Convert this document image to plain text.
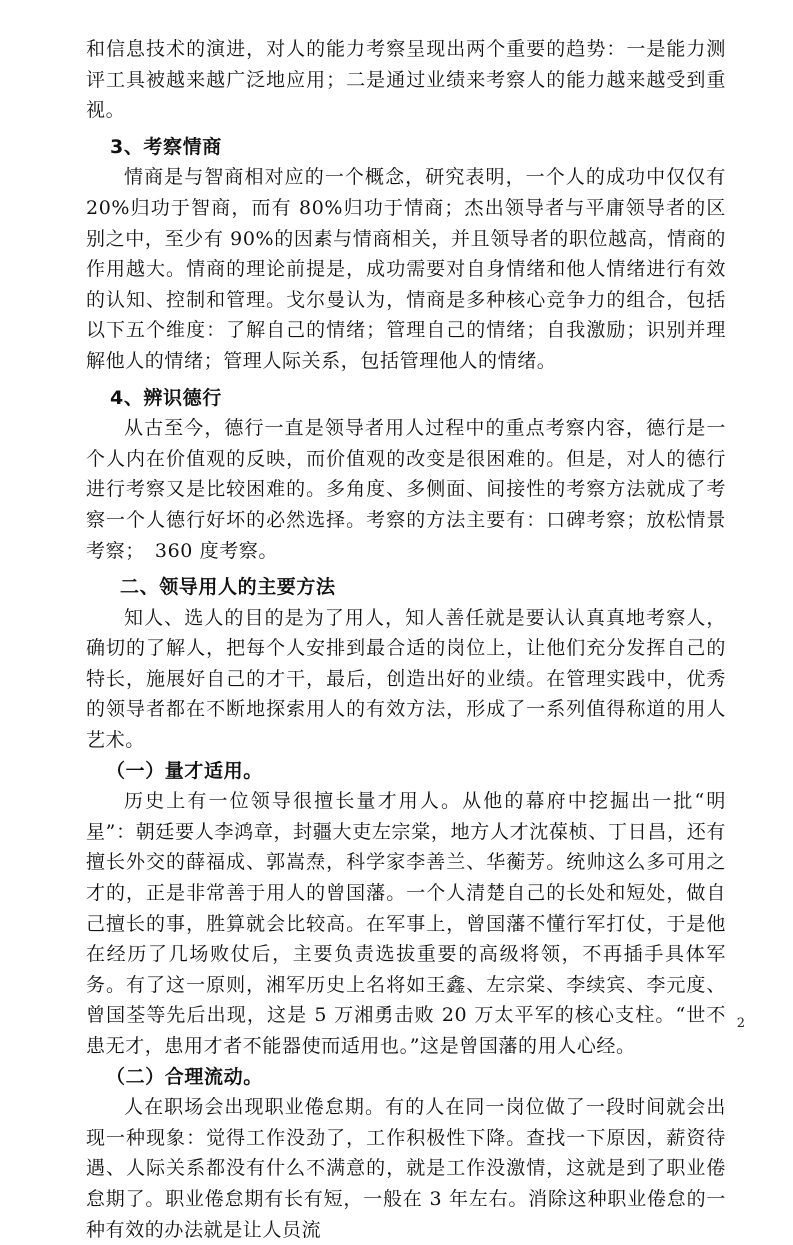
和信息技术的演进，对人的能力考察呈现出两个重要的趋势：一是能力测评工具被越来越广泛地应用；二是通过业绩来考察人的能力越来越受到重视。

3、考察情商

情商是与智商相对应的一个概念，研究表明，一个人的成功中仅仅有 20%归功于智商，而有 80%归功于情商；杰出领导者与平庸领导者的区别之中，至少有 90%的因素与情商相关，并且领导者的职位越高，情商的作用越大。情商的理论前提是，成功需要对自身情绪和他人情绪进行有效的认知、控制和管理。戈尔曼认为，情商是多种核心竞争力的组合，包括以下五个维度：了解自己的情绪；管理自己的情绪；自我激励；识别并理解他人的情绪；管理人际关系，包括管理他人的情绪。

4、辨识德行

从古至今，德行一直是领导者用人过程中的重点考察内容，德行是一个人内在价值观的反映，而价值观的改变是很困难的。但是，对人的德行进行考察又是比较困难的。多角度、多侧面、间接性的考察方法就成了考察一个人德行好坏的必然选择。考察的方法主要有：口碑考察；放松情景考察；　360 度考察。

二、领导用人的主要方法

知人、选人的目的是为了用人，知人善任就是要认认真真地考察人，确切的了解人，把每个人安排到最合适的岗位上，让他们充分发挥自己的特长，施展好自己的才干，最后，创造出好的业绩。在管理实践中，优秀的领导者都在不断地探索用人的有效方法，形成了一系列值得称道的用人艺术。

（一）量才适用。

历史上有一位领导很擅长量才用人。从他的幕府中挖掘出一批“明星”：朝廷要人李鸿章，封疆大吏左宗棠，地方人才沈葆桢、丁日昌，还有擅长外交的薛福成、郭嵩焘，科学家李善兰、华蘅芳。统帅这么多可用之才的，正是非常善于用人的曾国藩。一个人清楚自己的长处和短处，做自己擅长的事，胜算就会比较高。在军事上，曾国藩不懂行军打仗，于是他在经历了几场败仗后，主要负责选拔重要的高级将领，不再插手具体军务。有了这一原则，湘军历史上名将如王鑫、左宗棠、李续宾、李元度、曾国荃等先后出现，这是 5 万湘勇击败 20 万太平军的核心支柱。“世不患无才，患用才者不能器使而适用也。”这是曾国藩的用人心经。

（二）合理流动。

人在职场会出现职业倦怠期。有的人在同一岗位做了一段时间就会出现一种现象：觉得工作没劲了，工作积极性下降。查找一下原因，薪资待遇、人际关系都没有什么不满意的，就是工作没激情，这就是到了职业倦怠期了。职业倦怠期有长有短，一般在 3 年左右。消除这种职业倦怠的一种有效的办法就是让人员流

2
